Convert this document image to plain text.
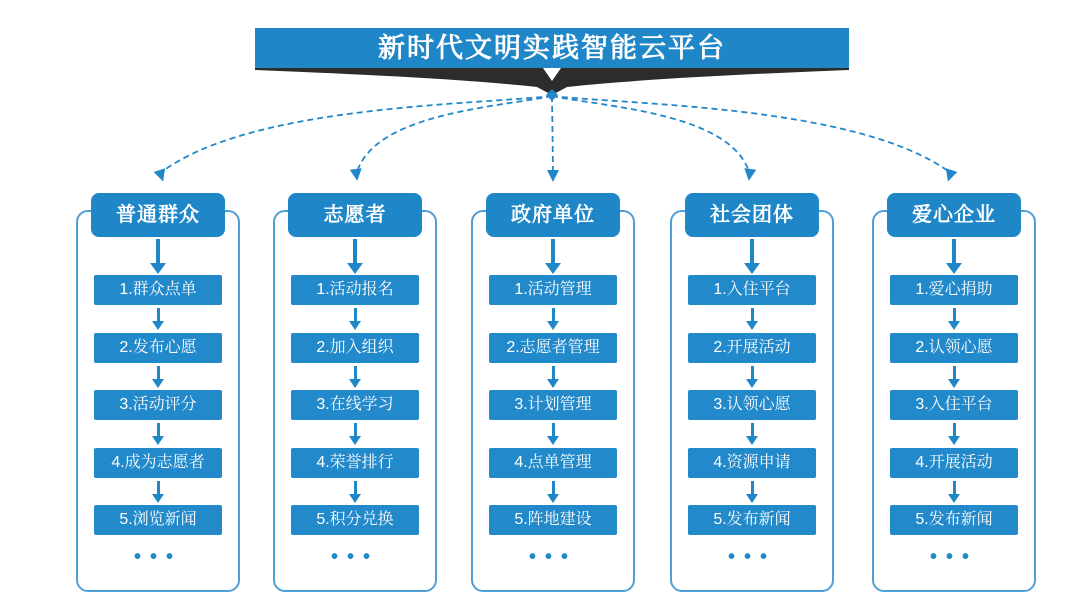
新时代文明实践智能云平台
普通群众
1.群众点单
2.发布心愿
3.活动评分
4.成为志愿者
5.浏览新闻
•••
志愿者
1.活动报名
2.加入组织
3.在线学习
4.荣誉排行
5.积分兑换
•••
政府单位
1.活动管理
2.志愿者管理
3.计划管理
4.点单管理
5.阵地建设
•••
社会团体
1.入住平台
2.开展活动
3.认领心愿
4.资源申请
5.发布新闻
•••
爱心企业
1.爱心捐助
2.认领心愿
3.入住平台
4.开展活动
5.发布新闻
•••
